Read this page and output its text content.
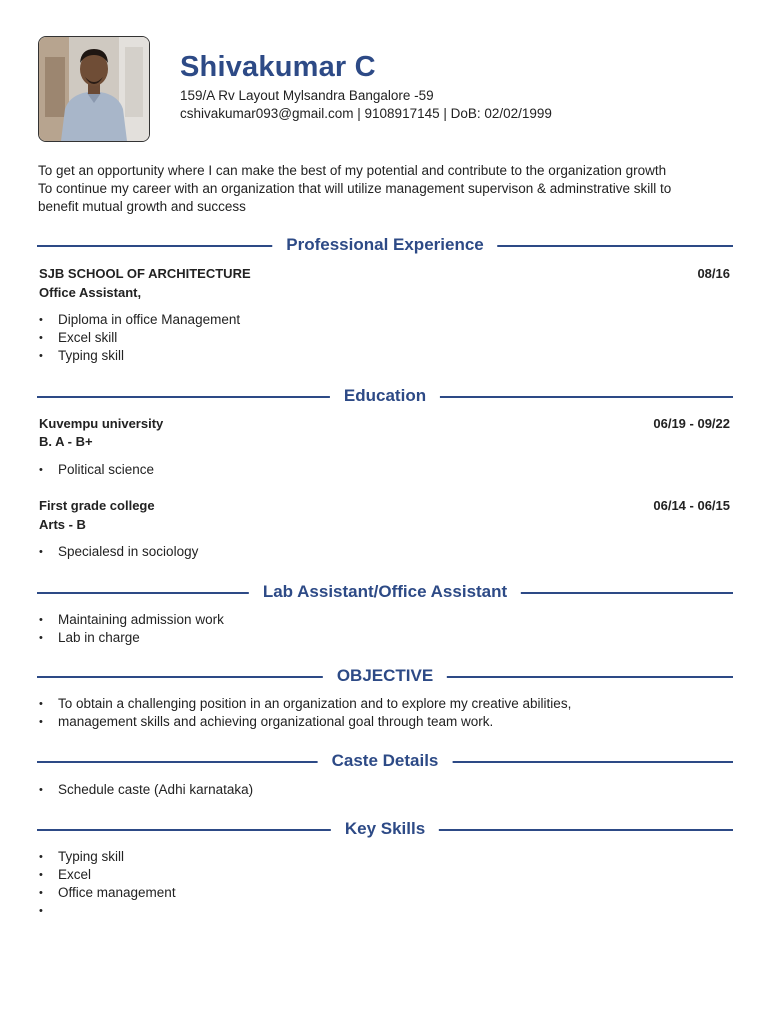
Shivakumar C
159/A Rv Layout Mylsandra Bangalore -59
cshivakumar093@gmail.com | 9108917145 | DoB: 02/02/1999
To get an opportunity where I can make the best of my potential and contribute to the organization growth
To continue my career with an organization that will utilize management supervison & adminstrative skill to
benefit mutual growth and success
Professional Experience
SJB SCHOOL OF ARCHITECTURE	08/16
Office Assistant,
• Diploma in office Management
• Excel skill
• Typing skill
Education
Kuvempu university	06/19 - 09/22
B. A - B+
• Political science
First grade college	06/14 - 06/15
Arts - B
• Specialesd in sociology
Lab Assistant/Office Assistant
• Maintaining admission work
• Lab in charge
OBJECTIVE
• To obtain a challenging position in an organization and to explore my creative abilities,
• management skills and achieving organizational goal through team work.
Caste Details
• Schedule caste (Adhi karnataka)
Key Skills
• Typing skill
• Excel
• Office management
•
